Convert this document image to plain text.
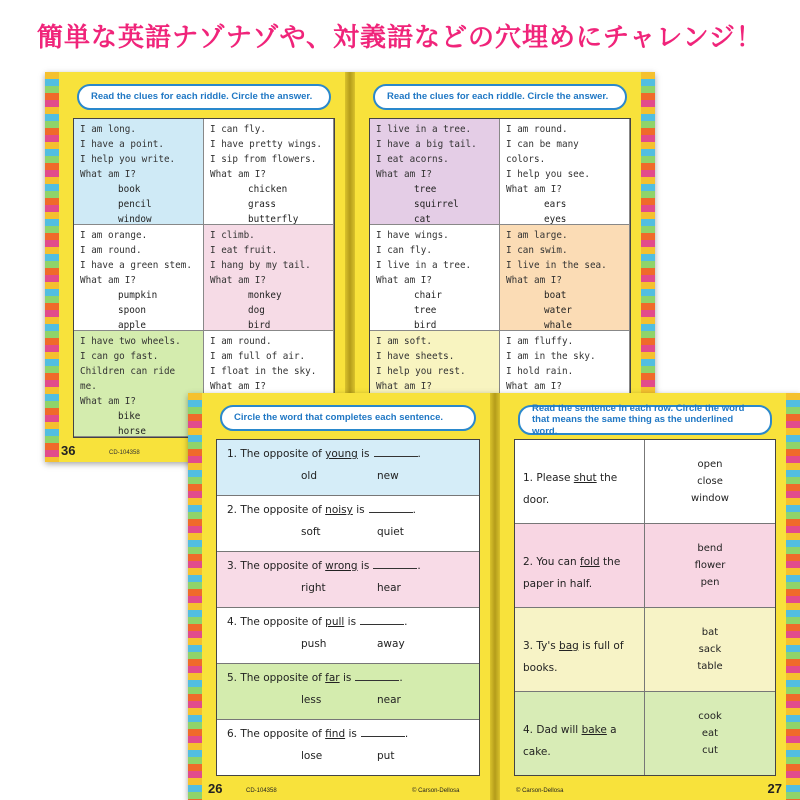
簡単な英語ナゾナゾや、対義語などの穴埋めにチャレンジ！
Read the clues for each riddle. Circle the answer.
I am long.
I have a point.
I help you write.
What am I?
book
pencil
window
I can fly.
I have pretty wings.
I sip from flowers.
What am I?
chicken
grass
butterfly
I am orange.
I am round.
I have a green stem.
What am I?
pumpkin
spoon
apple
I climb.
I eat fruit.
I hang by my tail.
What am I?
monkey
dog
bird
I have two wheels.
I can go fast.
Children can ride me.
What am I?
bike
horse
I am round.
I am full of air.
I float in the sky.
What am I?
36	CD-104358
Read the clues for each riddle. Circle the answer.
I live in a tree.
I have a big tail.
I eat acorns.
What am I?
tree
squirrel
cat
I am round.
I can be many colors.
I help you see.
What am I?
ears
eyes
I have wings.
I can fly.
I live in a tree.
What am I?
chair
tree
bird
I am large.
I can swim.
I live in the sea.
What am I?
boat
water
whale
I am soft.
I have sheets.
I help you rest.
What am I?
I am fluffy.
I am in the sky.
I hold rain.
What am I?
Circle the word that completes each sentence.
1. The opposite of young is	.
old	new
2. The opposite of noisy is	.
soft	quiet
3. The opposite of wrong is	.
right	hear
4. The opposite of pull is	.
push	away
5. The opposite of far is	.
less	near
6. The opposite of find is	.
lose	put
26	CD-104358	© Carson-Dellosa
Read the sentence in each row. Circle the word that means the same thing as the underlined word.
1. Please shut the door.
open
close
window
2. You can fold the paper in half.
bend
flower
pen
3. Ty's bag is full of books.
bat
sack
table
4. Dad will bake a cake.
cook
eat
cut
© Carson-Dellosa	27
